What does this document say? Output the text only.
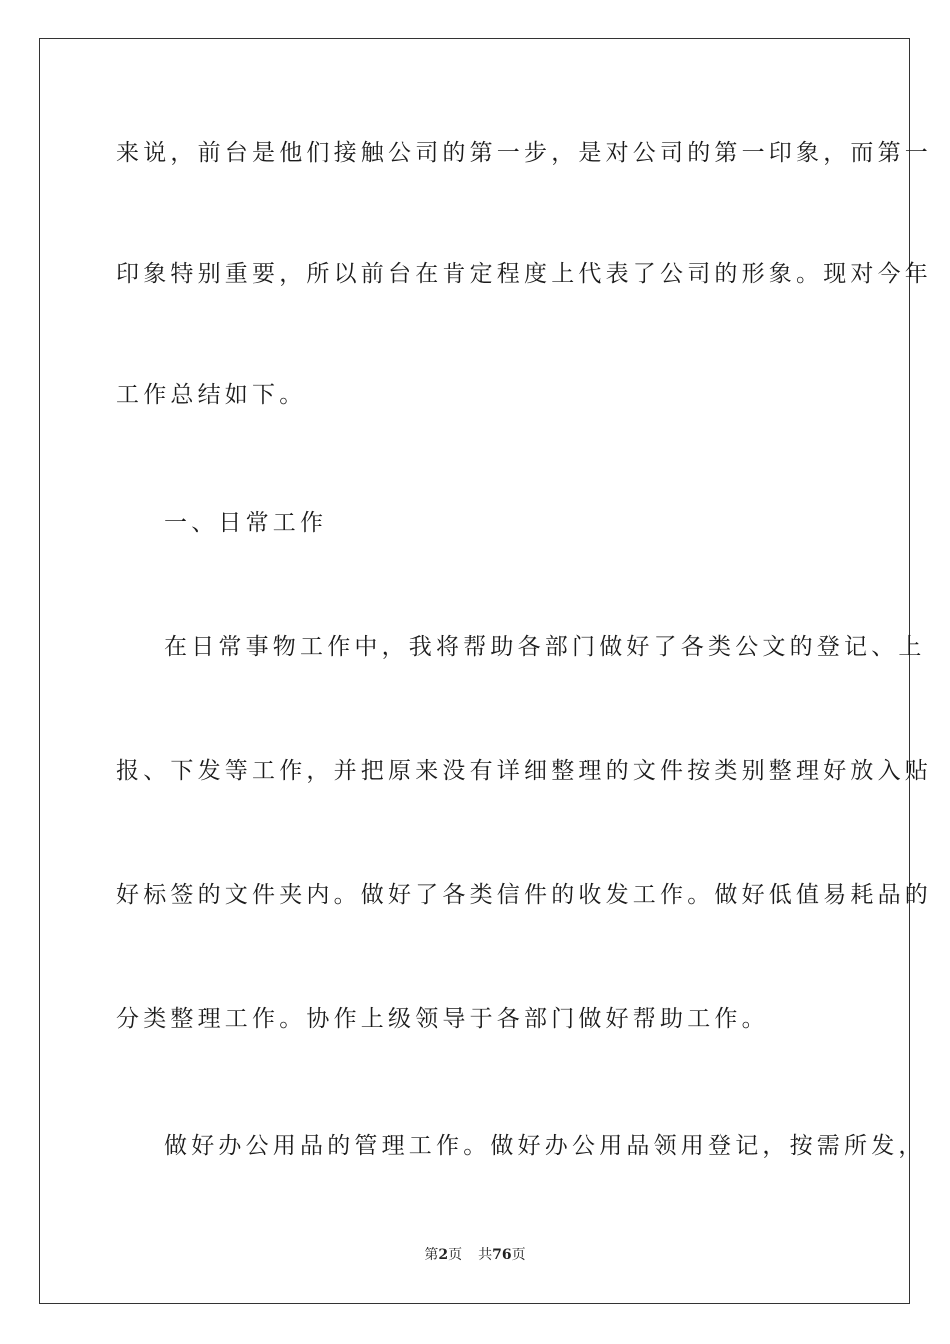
来说，前台是他们接触公司的第一步，是对公司的第一印象，而第一
印象特别重要，所以前台在肯定程度上代表了公司的形象。现对今年
工作总结如下。
一、日常工作
在日常事物工作中，我将帮助各部门做好了各类公文的登记、上
报、下发等工作，并把原来没有详细整理的文件按类别整理好放入贴
好标签的文件夹内。做好了各类信件的收发工作。做好低值易耗品的
分类整理工作。协作上级领导于各部门做好帮助工作。
做好办公用品的管理工作。做好办公用品领用登记，按需所发，
第2页 共76页
